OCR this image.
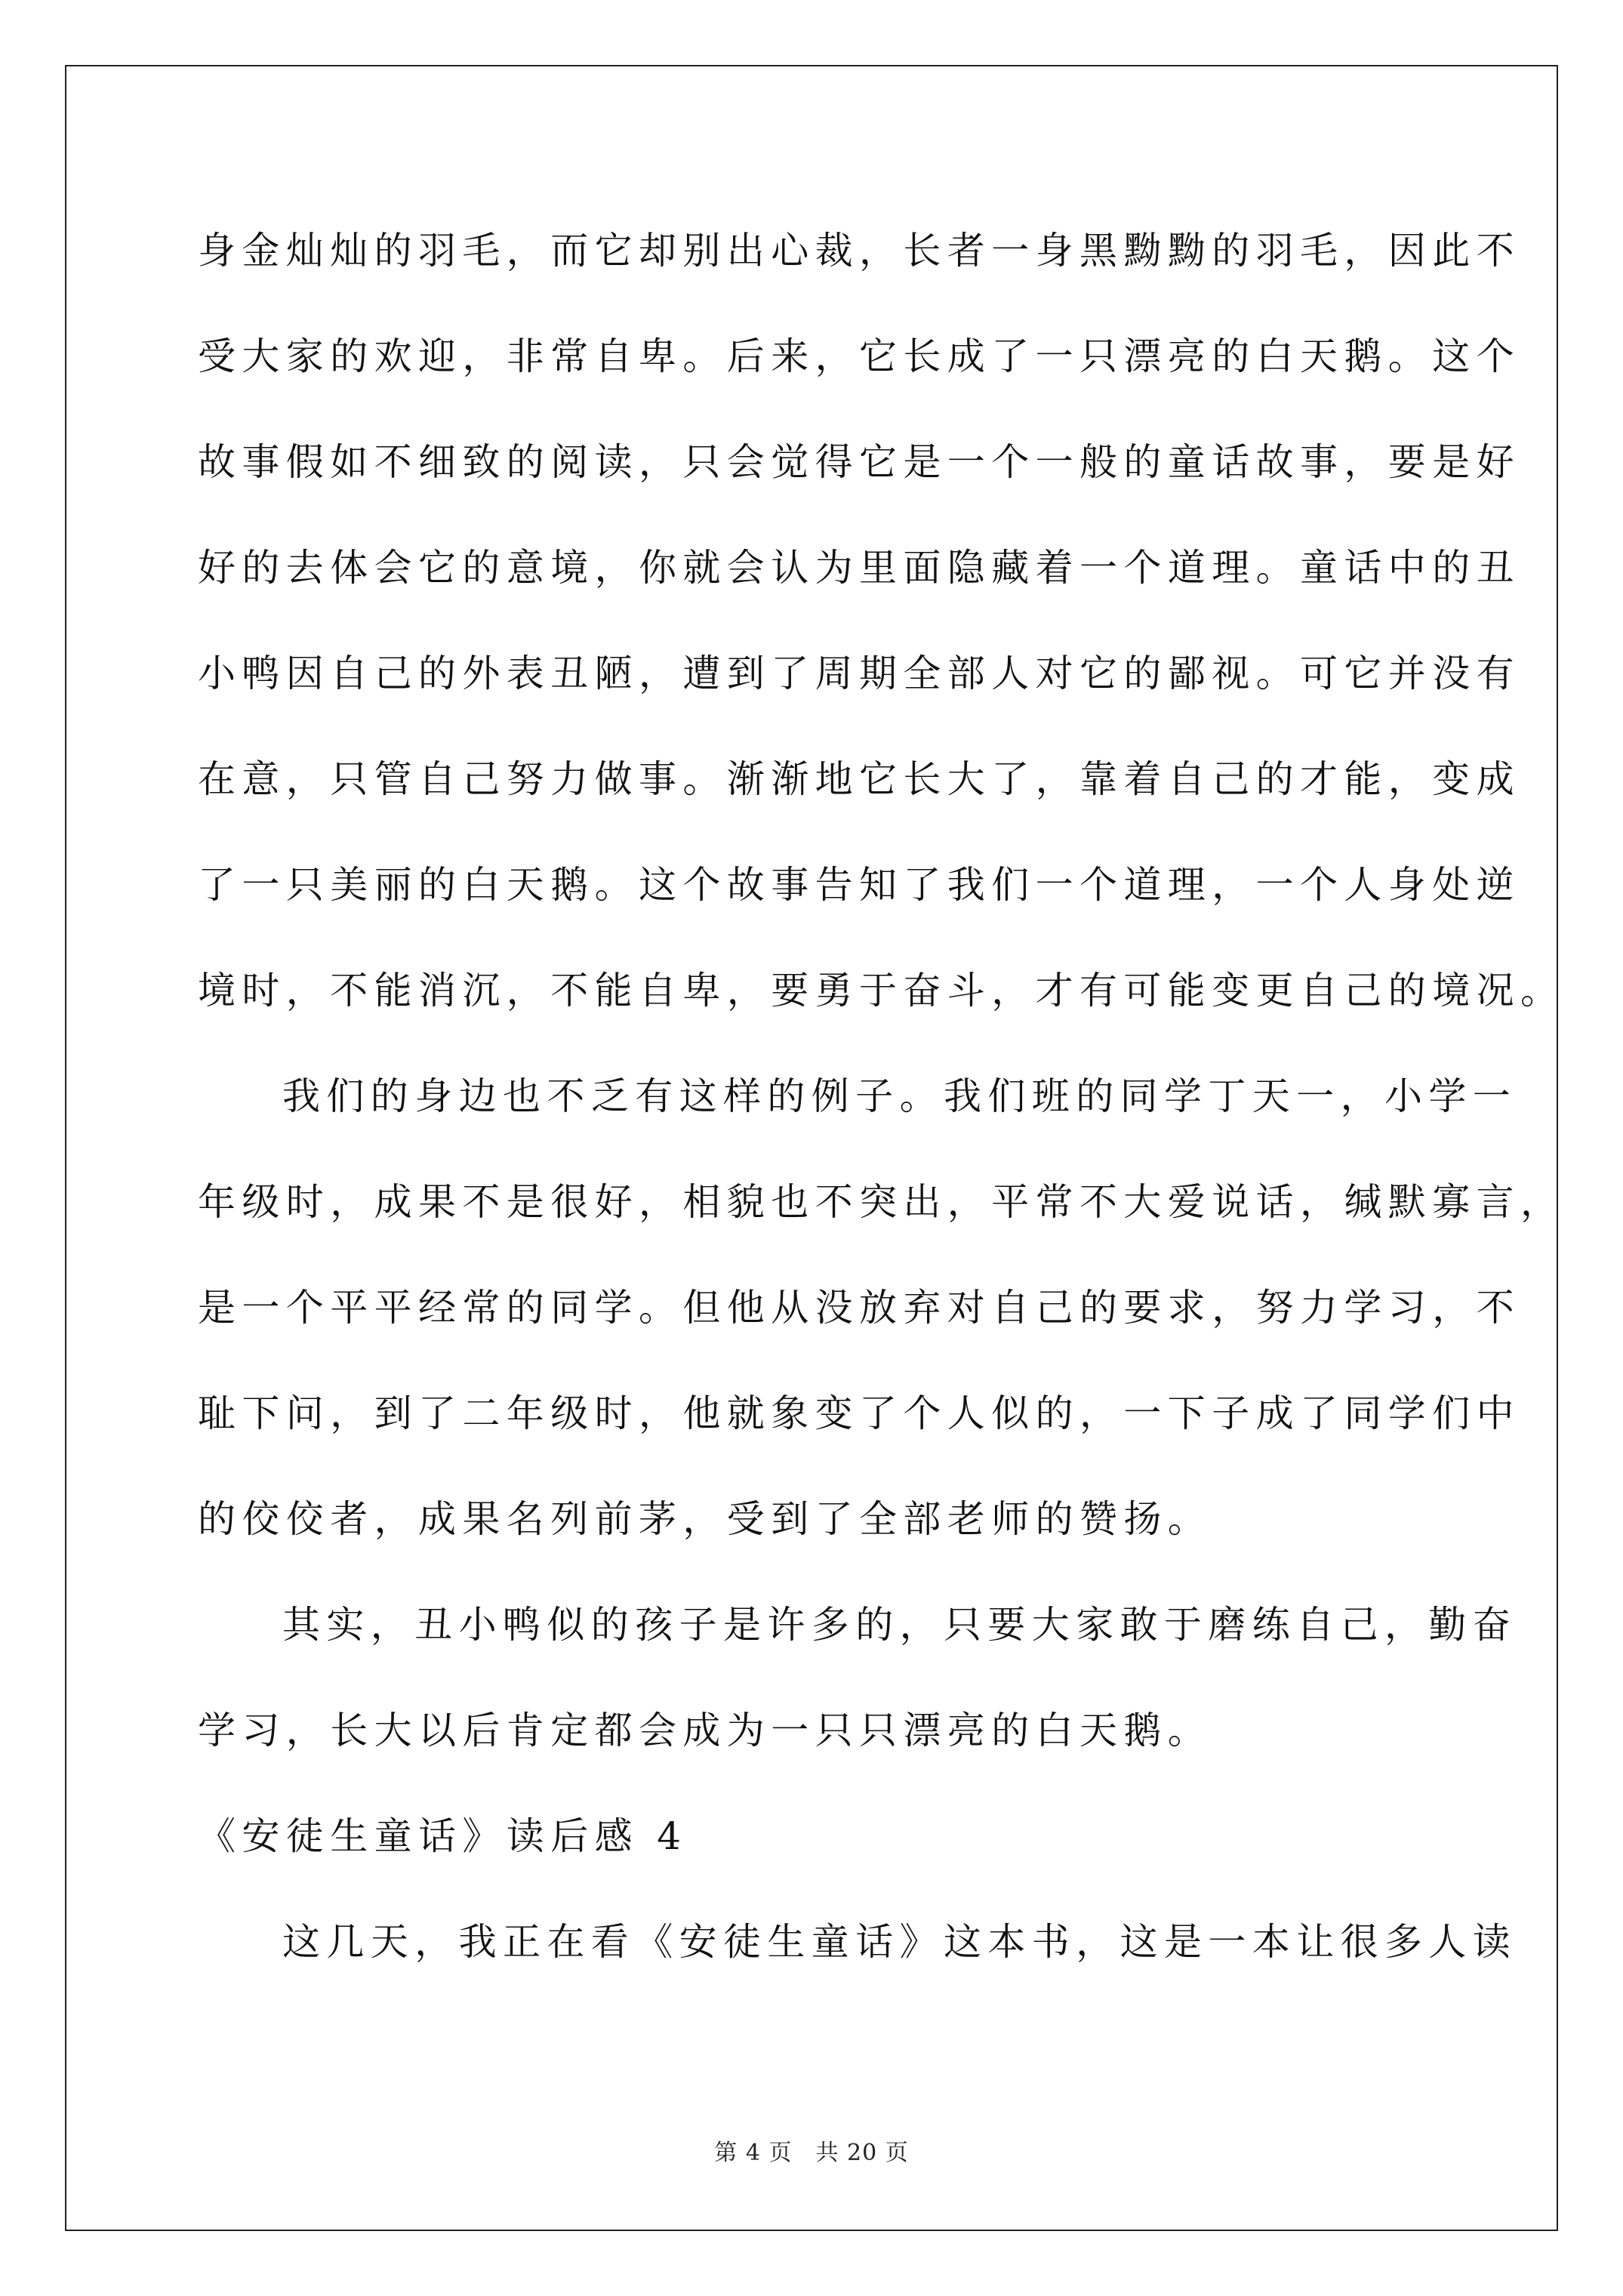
身金灿灿的羽毛，而它却别出心裁，长者一身黑黝黝的羽毛，因此不
受大家的欢迎，非常自卑。后来，它长成了一只漂亮的白天鹅。这个
故事假如不细致的阅读，只会觉得它是一个一般的童话故事，要是好
好的去体会它的意境，你就会认为里面隐藏着一个道理。童话中的丑
小鸭因自己的外表丑陋，遭到了周期全部人对它的鄙视。可它并没有
在意，只管自己努力做事。渐渐地它长大了，靠着自己的才能，变成
了一只美丽的白天鹅。这个故事告知了我们一个道理，一个人身处逆
境时，不能消沉，不能自卑，要勇于奋斗，才有可能变更自己的境况。
我们的身边也不乏有这样的例子。我们班的同学丁天一，小学一
年级时，成果不是很好，相貌也不突出，平常不大爱说话，缄默寡言，
是一个平平经常的同学。但他从没放弃对自己的要求，努力学习，不
耻下问，到了二年级时，他就象变了个人似的，一下子成了同学们中
的佼佼者，成果名列前茅，受到了全部老师的赞扬。
其实，丑小鸭似的孩子是许多的，只要大家敢于磨练自己，勤奋
学习，长大以后肯定都会成为一只只漂亮的白天鹅。
《安徒生童话》读后感 4
这几天，我正在看《安徒生童话》这本书，这是一本让很多人读
第 4 页　共 20 页
